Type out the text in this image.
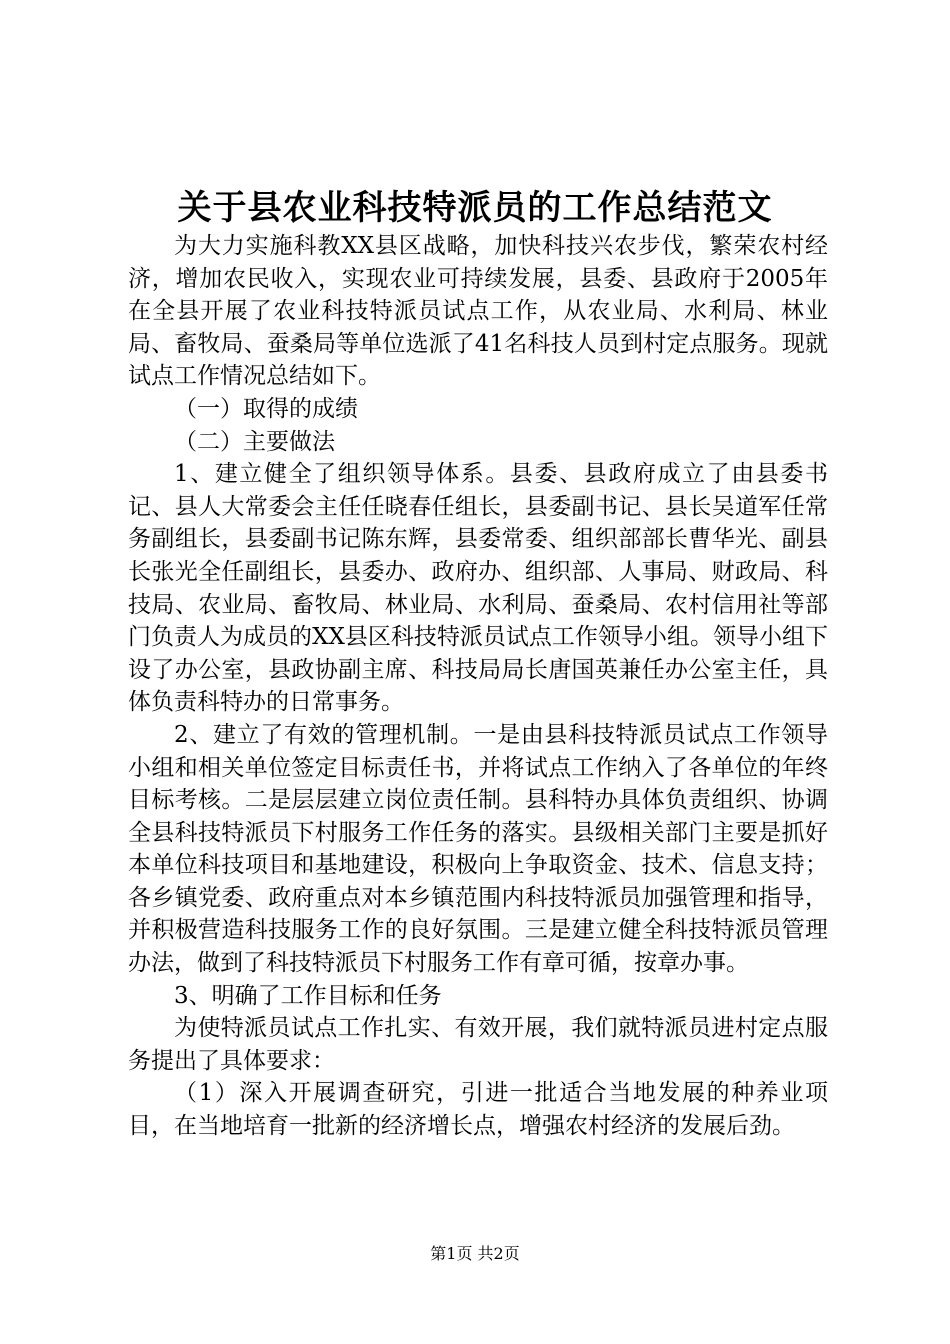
关于县农业科技特派员的工作总结范文

为大力实施科教XX县区战略，加快科技兴农步伐，繁荣农村经济，增加农民收入，实现农业可持续发展，县委、县政府于2005年在全县开展了农业科技特派员试点工作，从农业局、水利局、林业局、畜牧局、蚕桑局等单位选派了41名科技人员到村定点服务。现就试点工作情况总结如下。

（一）取得的成绩

（二）主要做法

1、建立健全了组织领导体系。县委、县政府成立了由县委书记、县人大常委会主任任晓春任组长，县委副书记、县长吴道军任常务副组长，县委副书记陈东辉，县委常委、组织部部长曹华光、副县长张光全任副组长，县委办、政府办、组织部、人事局、财政局、科技局、农业局、畜牧局、林业局、水利局、蚕桑局、农村信用社等部门负责人为成员的XX县区科技特派员试点工作领导小组。领导小组下设了办公室，县政协副主席、科技局局长唐国英兼任办公室主任，具体负责科特办的日常事务。

2、建立了有效的管理机制。一是由县科技特派员试点工作领导小组和相关单位签定目标责任书，并将试点工作纳入了各单位的年终目标考核。二是层层建立岗位责任制。县科特办具体负责组织、协调全县科技特派员下村服务工作任务的落实。县级相关部门主要是抓好本单位科技项目和基地建设，积极向上争取资金、技术、信息支持；各乡镇党委、政府重点对本乡镇范围内科技特派员加强管理和指导，并积极营造科技服务工作的良好氛围。三是建立健全科技特派员管理办法，做到了科技特派员下村服务工作有章可循，按章办事。

3、明确了工作目标和任务

为使特派员试点工作扎实、有效开展，我们就特派员进村定点服务提出了具体要求：

（1）深入开展调查研究，引进一批适合当地发展的种养业项目，在当地培育一批新的经济增长点，增强农村经济的发展后劲。

第1页 共2页
